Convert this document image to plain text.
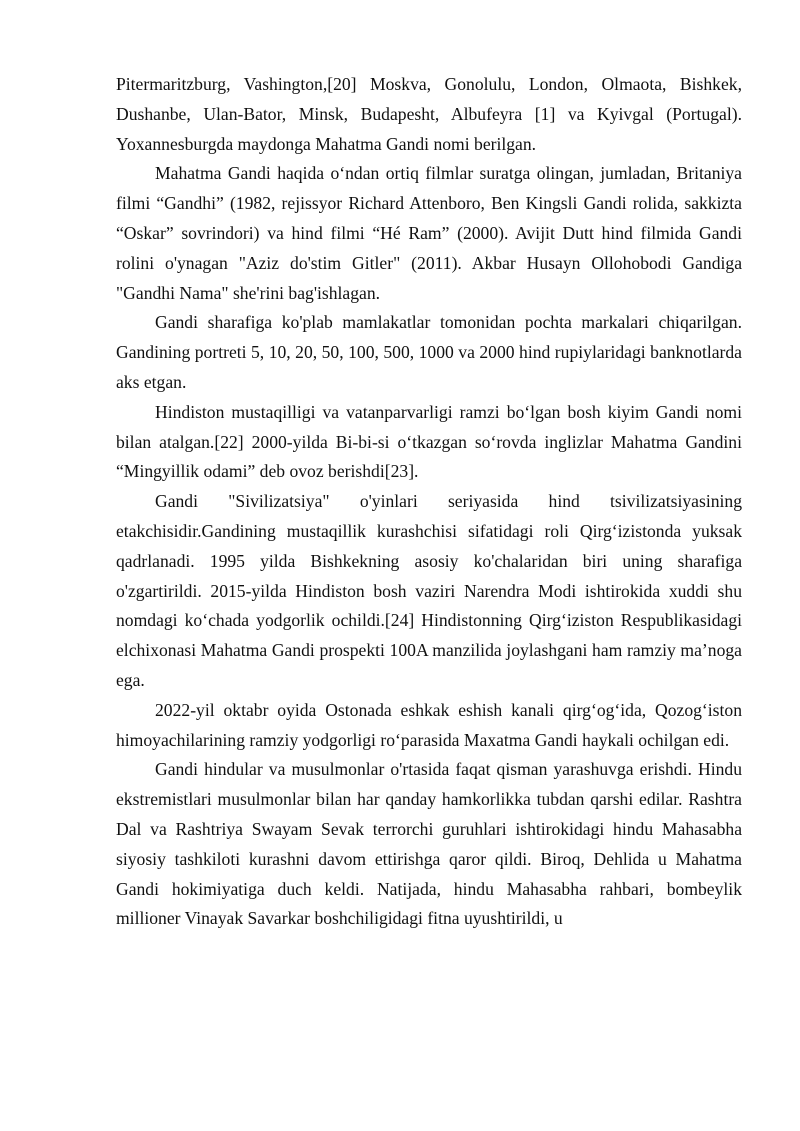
Pitermaritzburg, Vashington,[20] Moskva, Gonolulu, London, Olmaota, Bishkek, Dushanbe, Ulan-Bator, Minsk, Budapesht, Albufeyra [1] va Kyivgal (Portugal). Yoxannesburgda maydonga Mahatma Gandi nomi berilgan.

Mahatma Gandi haqida oʻndan ortiq filmlar suratga olingan, jumladan, Britaniya filmi “Gandhi” (1982, rejissyor Richard Attenboro, Ben Kingsli Gandi rolida, sakkizta “Oskar” sovrindori) va hind filmi “Hé Ram” (2000). Avijit Dutt hind filmida Gandi rolini o'ynagan "Aziz do'stim Gitler" (2011). Akbar Husayn Ollohobodi Gandiga "Gandhi Nama" she'rini bag'ishlagan.

Gandi sharafiga ko'plab mamlakatlar tomonidan pochta markalari chiqarilgan. Gandining portreti 5, 10, 20, 50, 100, 500, 1000 va 2000 hind rupiylaridagi banknotlarda aks etgan.

Hindiston mustaqilligi va vatanparvarligi ramzi boʻlgan bosh kiyim Gandi nomi bilan atalgan.[22] 2000-yilda Bi-bi-si oʻtkazgan soʻrovda inglizlar Mahatma Gandini “Mingyillik odami” deb ovoz berishdi[23].

Gandi "Sivilizatsiya" o'yinlari seriyasida hind tsivilizatsiyasining etakchisidir.Gandining mustaqillik kurashchisi sifatidagi roli Qirgʻizistonda yuksak qadrlanadi. 1995 yilda Bishkekning asosiy ko'chalaridan biri uning sharafiga o'zgartirildi. 2015-yilda Hindiston bosh vaziri Narendra Modi ishtirokida xuddi shu nomdagi koʻchada yodgorlik ochildi.[24] Hindistonning Qirgʻiziston Respublikasidagi elchixonasi Mahatma Gandi prospekti 100A manzilida joylashgani ham ramziy maʼnoga ega.

2022-yil oktabr oyida Ostonada eshkak eshish kanali qirgʻogʻida, Qozogʻiston himoyachilarining ramziy yodgorligi roʻparasida Maxatma Gandi haykali ochilgan edi.

Gandi hindular va musulmonlar o'rtasida faqat qisman yarashuvga erishdi. Hindu ekstremistlari musulmonlar bilan har qanday hamkorlikka tubdan qarshi edilar. Rashtra Dal va Rashtriya Swayam Sevak terrorchi guruhlari ishtirokidagi hindu Mahasabha siyosiy tashkiloti kurashni davom ettirishga qaror qildi. Biroq, Dehlida u Mahatma Gandi hokimiyatiga duch keldi. Natijada, hindu Mahasabha rahbari, bombeylik millioner Vinayak Savarkar boshchiligidagi fitna uyushtirildi, u
